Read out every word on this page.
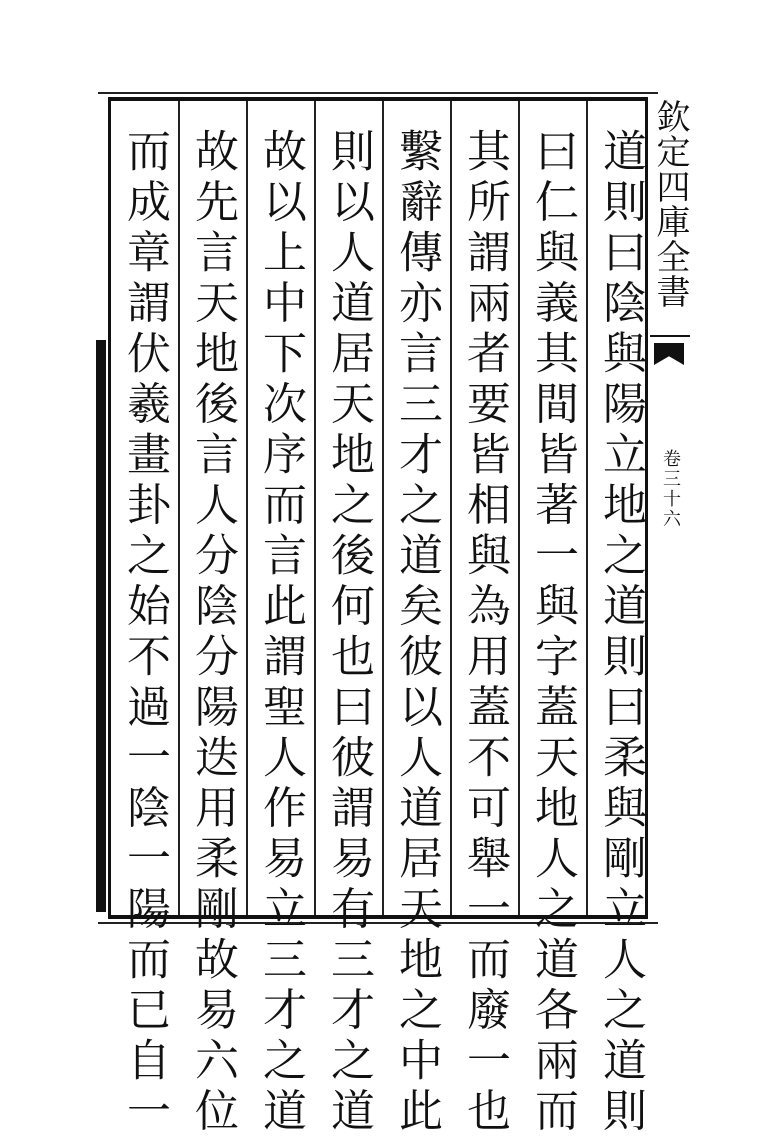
道則曰陰與陽立地之道則曰柔與剛立人之道則
曰仁與義其間皆著一與字蓋天地人之道各兩而
其所謂兩者要皆相與為用蓋不可舉一而廢一也
繫辭傳亦言三才之道矣彼以人道居天地之中此
則以人道居天地之後何也曰彼謂易有三才之道
故以上中下次序而言此謂聖人作易立三才之道
故先言天地後言人分陰分陽迭用柔剛故易六位
而成章謂伏羲畫卦之始不過一陰一陽而已自一	欽定四庫全書
卷三十六
